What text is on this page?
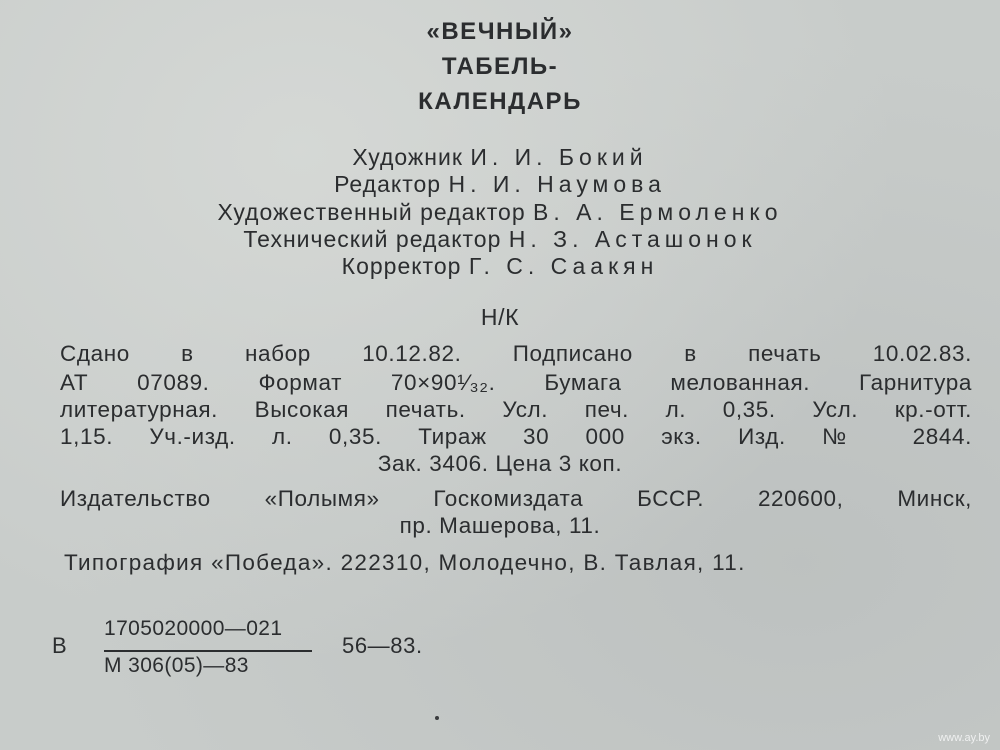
«ВЕЧНЫЙ»
ТАБЕЛЬ-
КАЛЕНДАРЬ
Художник И. И. Бокий
Редактор Н. И. Наумова
Художественный редактор В. А. Ермоленко
Технический редактор Н. З. Асташонок
Корректор Г. С. Саакян
Н/К
Сдано в набор 10.12.82. Подписано в печать 10.02.83.
АТ 07089. Формат 70×90¹⁄₃₂. Бумага мелованная. Гарнитура
литературная. Высокая печать. Усл. печ. л. 0,35. Усл. кр.-отт.
1,15. Уч.-изд. л. 0,35. Тираж 30 000 экз. Изд. № 2844.
Зак. 3406. Цена 3 коп.
Издательство «Полымя» Госкомиздата БССР. 220600, Минск,
пр. Машерова, 11.
Типография «Победа». 222310, Молодечно, В. Тавлая, 11.
В
1705020000—021
М 306(05)—83
56—83.
www.ay.by
